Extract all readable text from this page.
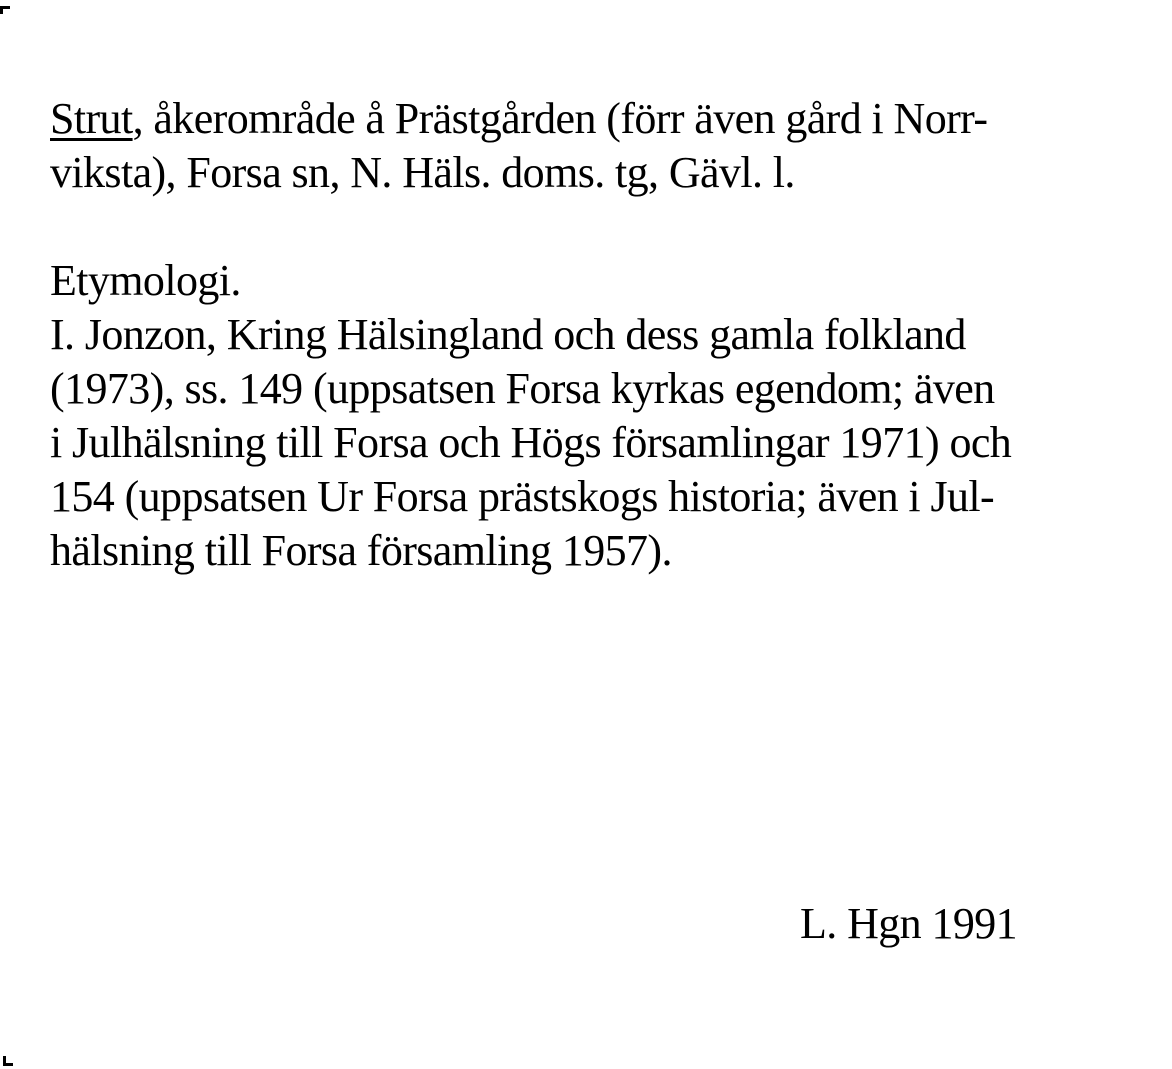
Strut, åkerområde å Prästgården (förr även gård i Norr-
viksta), Forsa sn, N. Häls. doms. tg, Gävl. l.
Etymologi.
I. Jonzon, Kring Hälsingland och dess gamla folkland
(1973), ss. 149 (uppsatsen Forsa kyrkas egendom; även
i Julhälsning till Forsa och Högs församlingar 1971) och
154 (uppsatsen Ur Forsa prästskogs historia; även i Jul-
hälsning till Forsa församling 1957).
L. Hgn 1991
